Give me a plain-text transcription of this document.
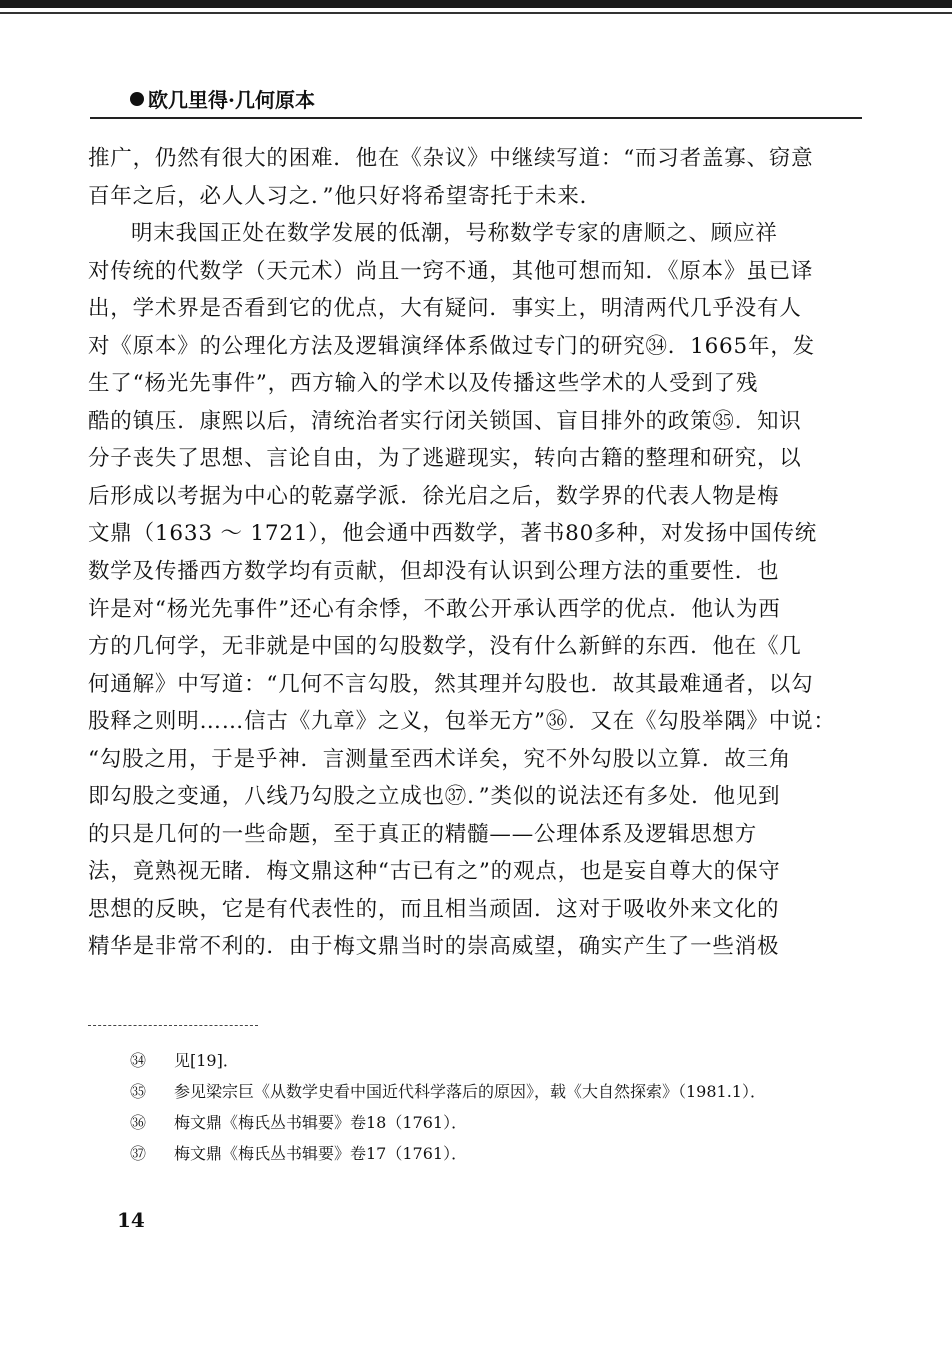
欧几里得·几何原本
推广，仍然有很大的困难．他在《杂议》中继续写道：“而习者盖寡、窃意
百年之后，必人人习之．”他只好将希望寄托于未来．
明末我国正处在数学发展的低潮，号称数学专家的唐顺之、顾应祥
对传统的代数学（天元术）尚且一窍不通，其他可想而知．《原本》虽已译
出，学术界是否看到它的优点，大有疑问．事实上，明清两代几乎没有人
对《原本》的公理化方法及逻辑演绎体系做过专门的研究㉞．1665年，发
生了“杨光先事件”，西方输入的学术以及传播这些学术的人受到了残
酷的镇压．康熙以后，清统治者实行闭关锁国、盲目排外的政策㉟．知识
分子丧失了思想、言论自由，为了逃避现实，转向古籍的整理和研究，以
后形成以考据为中心的乾嘉学派．徐光启之后，数学界的代表人物是梅
文鼎（1633 ～ 1721），他会通中西数学，著书80多种，对发扬中国传统
数学及传播西方数学均有贡献，但却没有认识到公理方法的重要性．也
许是对“杨光先事件”还心有余悸，不敢公开承认西学的优点．他认为西
方的几何学，无非就是中国的勾股数学，没有什么新鲜的东西．他在《几
何通解》中写道：“几何不言勾股，然其理并勾股也．故其最难通者，以勾
股释之则明……信古《九章》之义，包举无方”㊱．又在《勾股举隅》中说：
“勾股之用，于是乎神．言测量至西术详矣，究不外勾股以立算．故三角
即勾股之变通，八线乃勾股之立成也㊲．”类似的说法还有多处．他见到
的只是几何的一些命题，至于真正的精髓——公理体系及逻辑思想方
法，竟熟视无睹．梅文鼎这种“古已有之”的观点，也是妄自尊大的保守
思想的反映，它是有代表性的，而且相当顽固．这对于吸收外来文化的
精华是非常不利的．由于梅文鼎当时的崇高威望，确实产生了一些消极
㉞	见[19]．
㉟	参见梁宗巨《从数学史看中国近代科学落后的原因》，载《大自然探索》（1981.1）．
㊱	梅文鼎《梅氏丛书辑要》卷18（1761）．
㊲	梅文鼎《梅氏丛书辑要》卷17（1761）．
14
